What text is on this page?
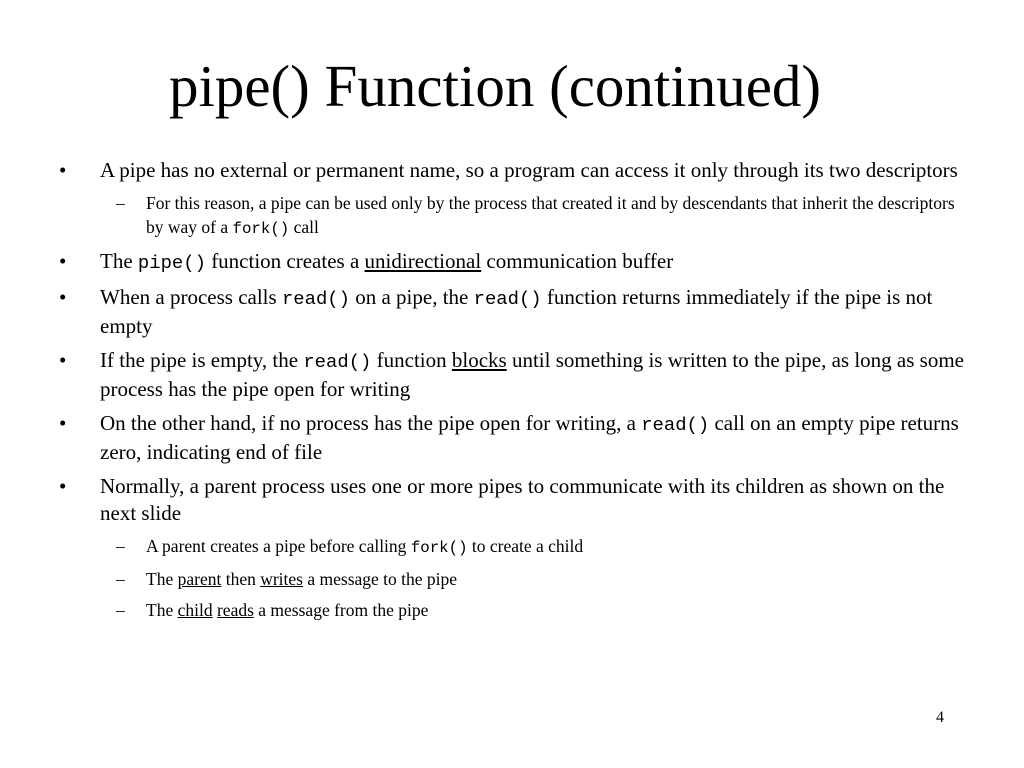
pipe() Function (continued)
• A pipe has no external or permanent name, so a program can access it only through its two descriptors
– For this reason, a pipe can be used only by the process that created it and by descendants that inherit the descriptors by way of a fork() call
• The pipe() function creates a unidirectional communication buffer
• When a process calls read() on a pipe, the read() function returns immediately if the pipe is not empty
• If the pipe is empty, the read() function blocks until something is written to the pipe, as long as some process has the pipe open for writing
• On the other hand, if no process has the pipe open for writing, a read() call on an empty pipe returns zero, indicating end of file
• Normally, a parent process uses one or more pipes to communicate with its children as shown on the next slide
– A parent creates a pipe before calling fork() to create a child
– The parent then writes a message to the pipe
– The child reads a message from the pipe
4
